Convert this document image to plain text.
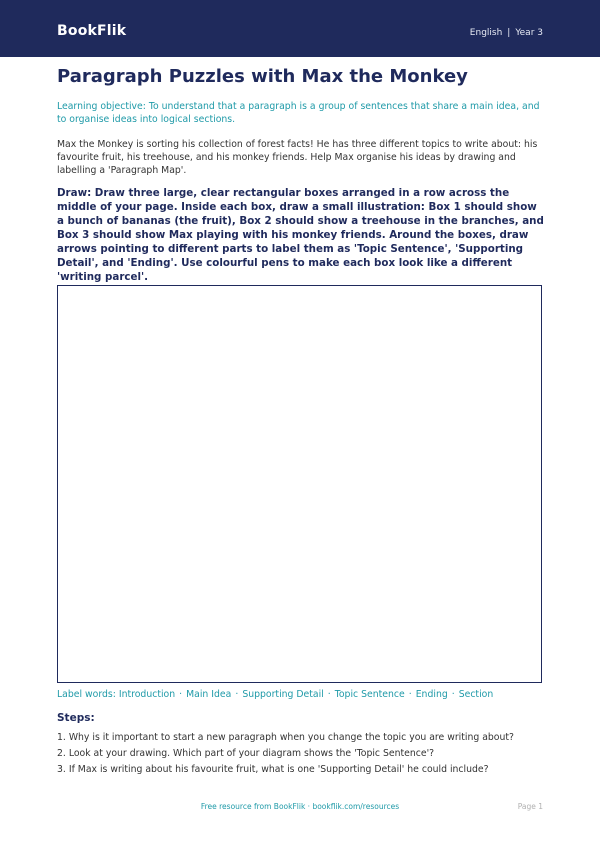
BookFlik	English | Year 3
Paragraph Puzzles with Max the Monkey

Learning objective: To understand that a paragraph is a group of sentences that share a main idea, and to organise ideas into logical sections.

Max the Monkey is sorting his collection of forest facts! He has three different topics to write about: his favourite fruit, his treehouse, and his monkey friends. Help Max organise his ideas by drawing and labelling a 'Paragraph Map'.

Draw: Draw three large, clear rectangular boxes arranged in a row across the middle of your page. Inside each box, draw a small illustration: Box 1 should show a bunch of bananas (the fruit), Box 2 should show a treehouse in the branches, and Box 3 should show Max playing with his monkey friends. Around the boxes, draw arrows pointing to different parts to label them as 'Topic Sentence', 'Supporting Detail', and 'Ending'. Use colourful pens to make each box look like a different 'writing parcel'.

Label words: Introduction · Main Idea · Supporting Detail · Topic Sentence · Ending · Section
Steps:
1. Why is it important to start a new paragraph when you change the topic you are writing about?
2. Look at your drawing. Which part of your diagram shows the 'Topic Sentence'?
3. If Max is writing about his favourite fruit, what is one 'Supporting Detail' he could include?
Free resource from BookFlik · bookflik.com/resources	Page 1
